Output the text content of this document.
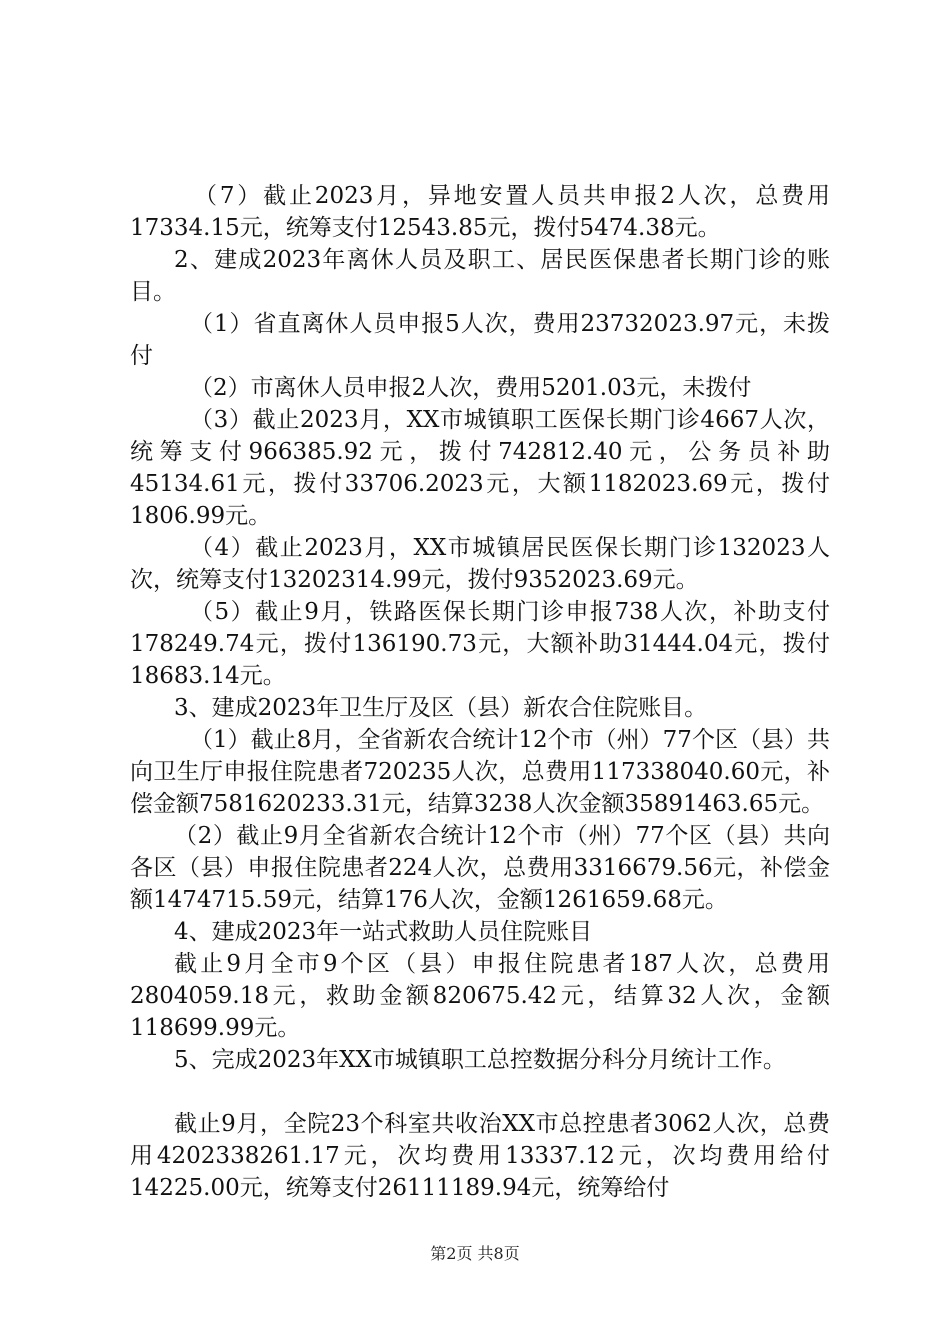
（7）截止2023月，异地安置人员共申报2人次，总费用17334.15元，统筹支付12543.85元，拨付5474.38元。

2、建成2023年离休人员及职工、居民医保患者长期门诊的账目。

（1）省直离休人员申报5人次，费用23732023.97元，未拨付

（2）市离休人员申报2人次，费用5201.03元，未拨付

（3）截止2023月，XX市城镇职工医保长期门诊4667人次，统筹支付966385.92元，拨付742812.40元，公务员补助45134.61元，拨付33706.2023元，大额1182023.69元，拨付1806.99元。

（4）截止2023月，XX市城镇居民医保长期门诊132023人次，统筹支付13202314.99元，拨付9352023.69元。

（5）截止9月，铁路医保长期门诊申报738人次，补助支付178249.74元，拨付136190.73元，大额补助31444.04元，拨付18683.14元。

3、建成2023年卫生厅及区（县）新农合住院账目。

（1）截止8月，全省新农合统计12个市（州）77个区（县）共向卫生厅申报住院患者720235人次，总费用117338040.60元，补偿金额7581620233.31元，结算3238人次金额35891463.65元。

（2）截止9月全省新农合统计12个市（州）77个区（县）共向各区（县）申报住院患者224人次，总费用3316679.56元，补偿金额1474715.59元，结算176人次，金额1261659.68元。

4、建成2023年一站式救助人员住院账目

截止9月全市9个区（县）申报住院患者187人次，总费用2804059.18元，救助金额820675.42元，结算32人次，金额118699.99元。

5、完成2023年XX市城镇职工总控数据分科分月统计工作。

截止9月，全院23个科室共收治XX市总控患者3062人次，总费用4202338261.17元，次均费用13337.12元，次均费用给付14225.00元，统筹支付26111189.94元，统筹给付

第2页 共8页
